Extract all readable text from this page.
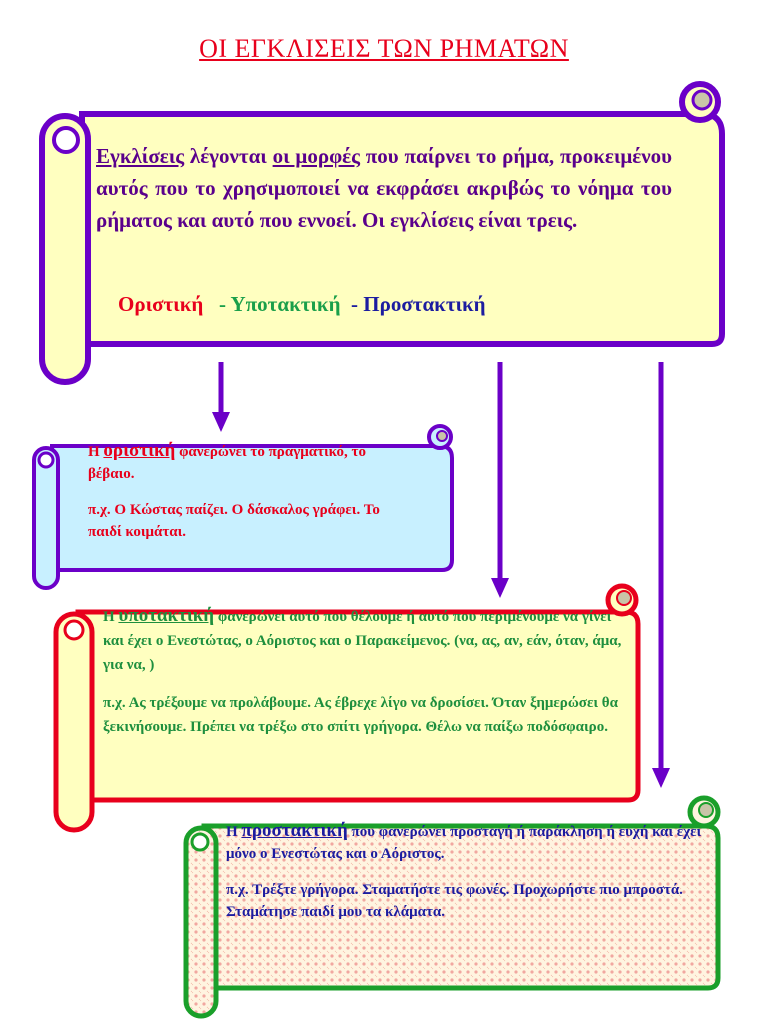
ΟΙ ΕΓΚΛΙΣΕΙΣ ΤΩΝ ΡΗΜΑΤΩΝ
Εγκλίσεις λέγονται οι μορφές που παίρνει το ρήμα, προκειμένου αυτός που το χρησιμοποιεί να εκφράσει ακριβώς το νόημα του ρήματος και αυτό που εννοεί. Οι εγκλίσεις είναι τρεις.
Οριστική   - Υποτακτική  - Προστακτική
Η οριστική φανερώνει το πραγματικό, το βέβαιο.
π.χ. Ο Κώστας παίζει. Ο δάσκαλος γράφει. Το παιδί κοιμάται.
Η υποτακτική φανερώνει αυτό που θέλουμε ή αυτό που περιμένουμε να γίνει και έχει ο Ενεστώτας, ο Αόριστος και ο Παρακείμενος. (να, ας, αν, εάν, όταν, άμα, για να, )
π.χ. Ας τρέξουμε να προλάβουμε. Ας έβρεχε λίγο να δροσίσει. Όταν ξημερώσει θα ξεκινήσουμε. Πρέπει να τρέξω στο σπίτι γρήγορα. Θέλω να παίξω ποδόσφαιρο.
Η προστακτική που φανερώνει προσταγή ή παράκληση ή ευχή και έχει μόνο ο Ενεστώτας και ο Αόριστος.
π.χ. Τρέξτε γρήγορα. Σταματήστε τις φωνές. Προχωρήστε πιο μπροστά. Σταμάτησε παιδί μου τα κλάματα.
